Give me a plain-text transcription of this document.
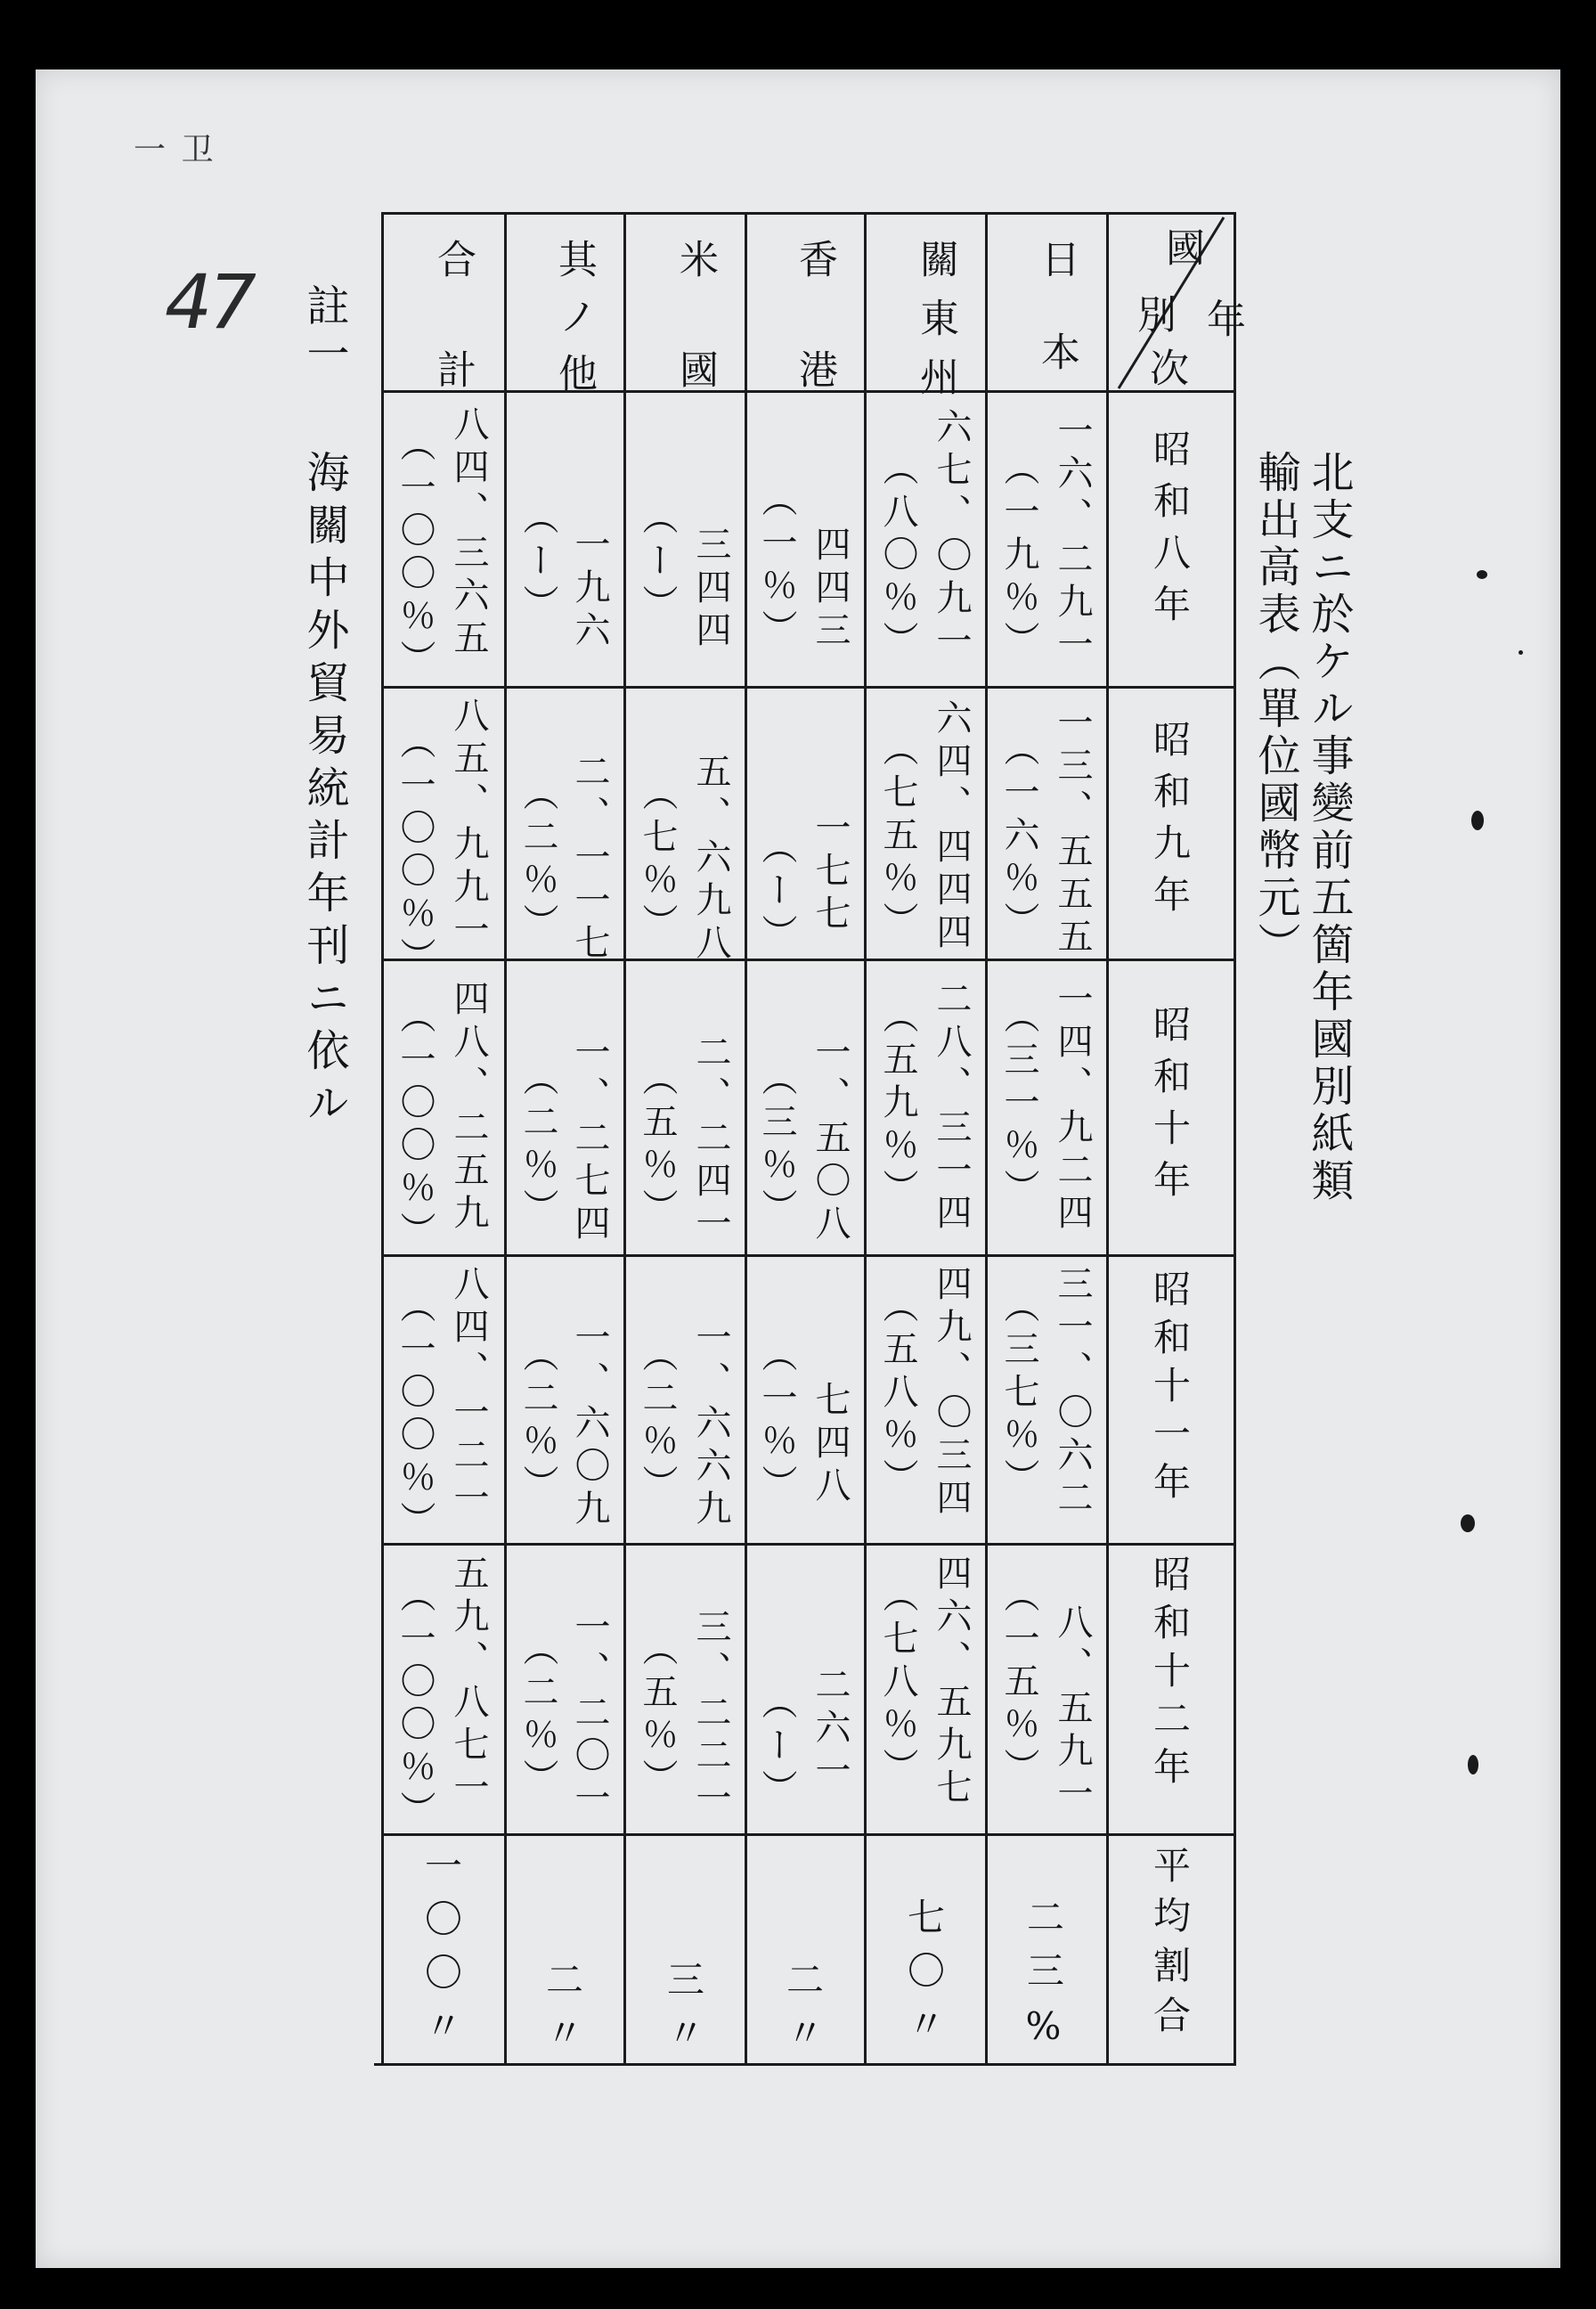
一 卫
47
北支ニ於ケル事變前五箇年國別紙類
輸出高表（單位國幣元）
註一
海關中外貿易統計年刊ニ依ル
年
次
國
別
日本
關東州
香港
米國
其ノ他
合計
昭和八年
一六、二九一
（一九％）
六七、〇九一
（八〇％）
四四三
（一％）
三四四
（ー）
一九六
（ー）
八四、三六五
（一〇〇％）
昭和九年
一三、五五五
（一六％）
六四、四四四
（七五％）
一七七
（ー）
五、六九八
（七％）
二、一一七
（二％）
八五、九九一
（一〇〇％）
昭和十年
一四、九二四
（三一％）
二八、三一四
（五九％）
一、五〇八
（三％）
二、二四一
（五％）
一、二七四
（二％）
四八、二五九
（一〇〇％）
昭和十一年
三一、〇六二
（三七％）
四九、〇三四
（五八％）
七四八
（一％）
一、六六九
（二％）
一、六〇九
（二％）
八四、一二一
（一〇〇％）
昭和十二年
八、五九一
（一五％）
四六、五九七
（七八％）
二六一
（ー）
三、二二一
（五％）
一、二〇一
（二％）
五九、八七一
（一〇〇％）
平均割合
二三%
七〇〃
二〃
三〃
二〃
一〇〇〃
